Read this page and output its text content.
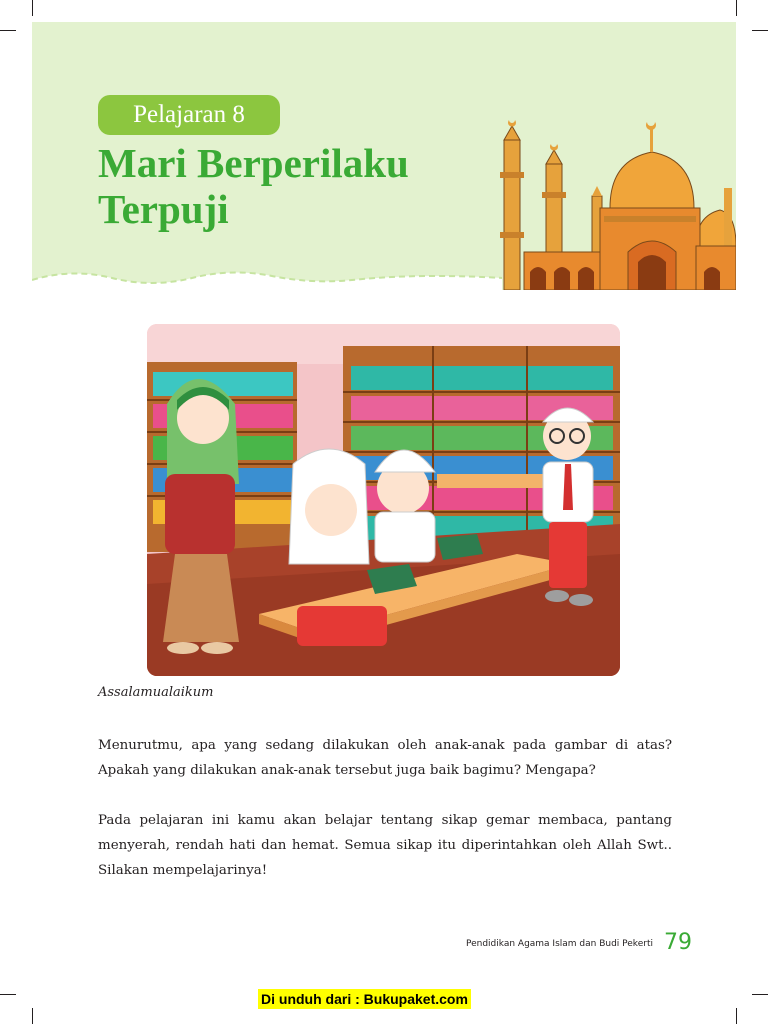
Pelajaran 8
Mari Berperilaku
Terpuji
Assalamualaikum

Menurutmu, apa yang sedang dilakukan oleh anak-anak pada gambar di atas? Apakah yang dilakukan anak-anak tersebut juga baik bagimu? Mengapa?

Pada pelajaran ini kamu akan belajar tentang sikap gemar membaca, pantang menyerah, rendah hati dan hemat. Semua sikap itu diperintahkan oleh Allah Swt.. Silakan mempelajarinya!

Pendidikan Agama Islam dan Budi Pekerti 79
Di unduh dari : Bukupaket.com
